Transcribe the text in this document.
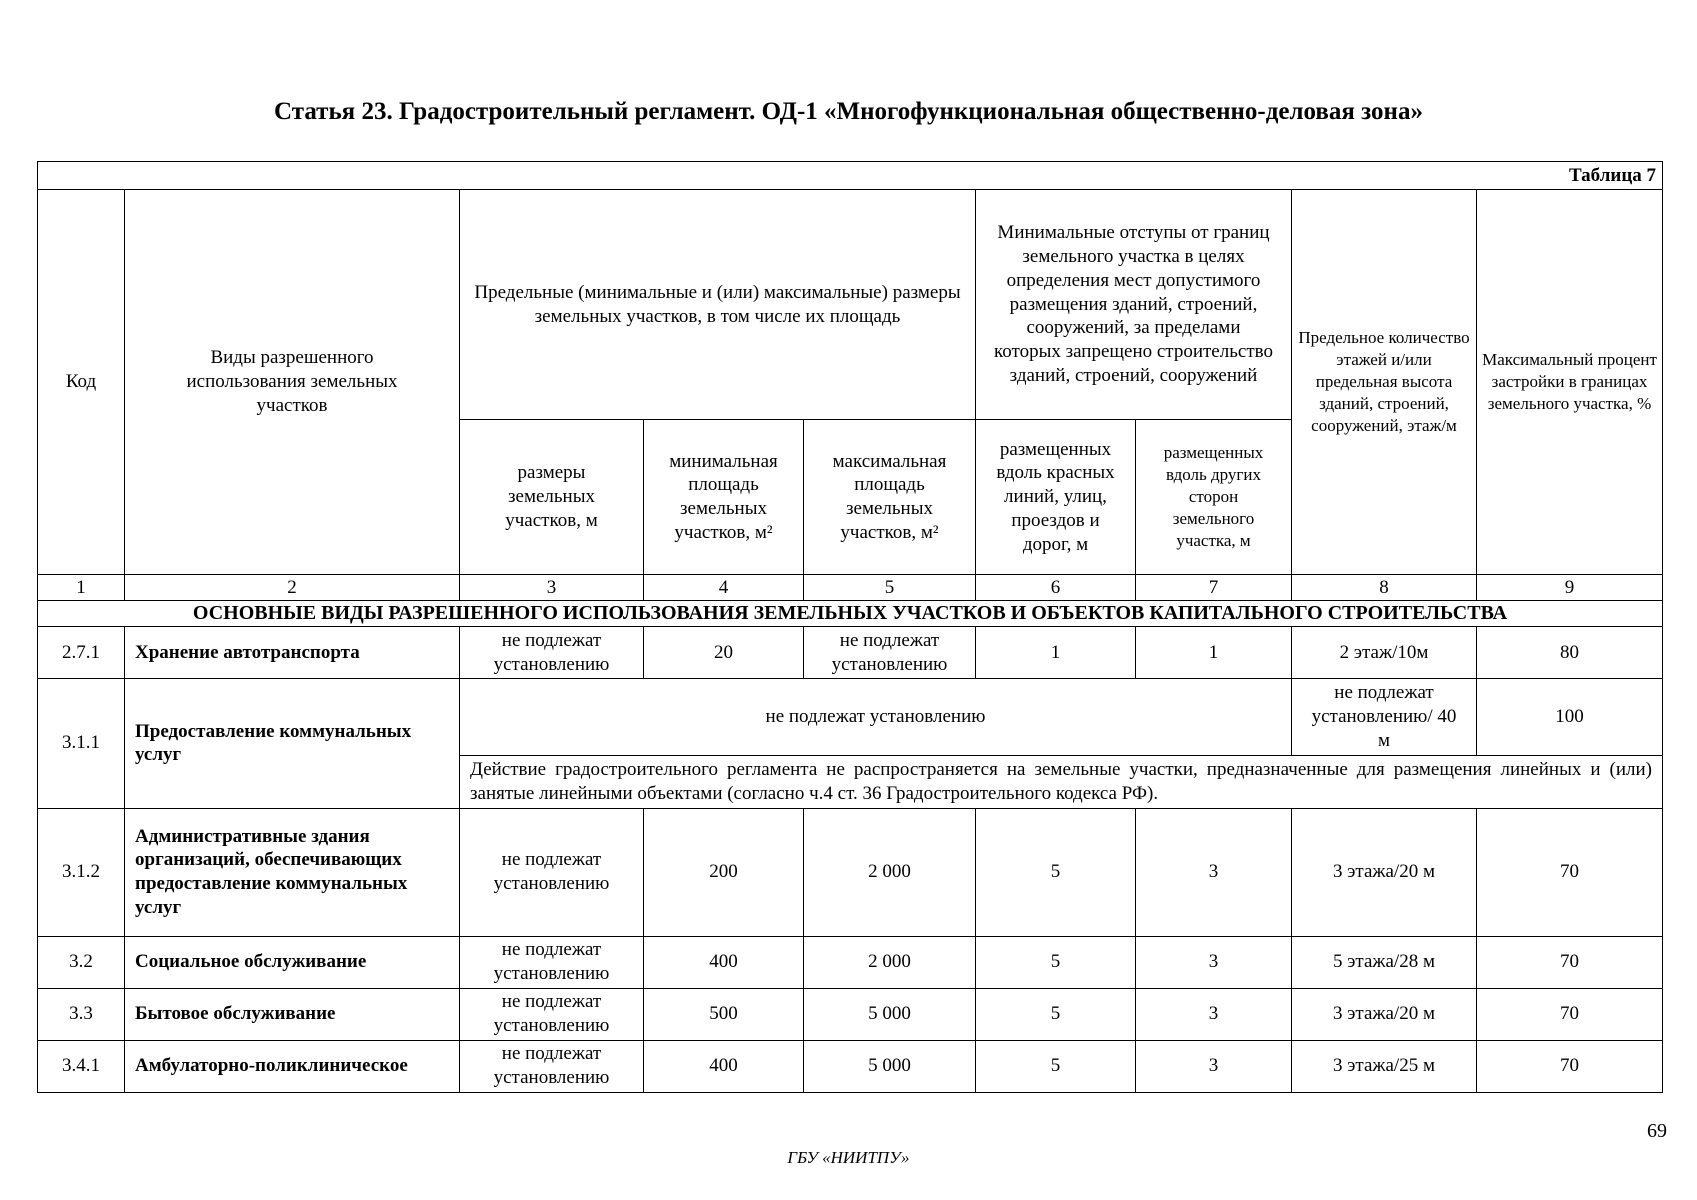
Статья 23. Градостроительный регламент. ОД-1 «Многофункциональная общественно-деловая зона»
Таблица 7								
Код	Виды разрешенного использования земельных участков	Предельные (минимальные и (или) максимальные) размеры земельных участков, в том числе их площадь			Минимальные отступы от границ земельного участка в целях определения мест допустимого размещения зданий, строений, сооружений, за пределами которых запрещено строительство зданий, строений, сооружений		Предельное количество этажей и/или предельная высота зданий, строений, сооружений, этаж/м	Максимальный процент застройки в границах земельного участка, %
		размеры земельных участков, м	минимальная площадь земельных участков, м²	максимальная площадь земельных участков, м²	размещенных вдоль красных линий, улиц, проездов и дорог, м	размещенных вдоль других сторон земельного участка, м		
1	2	3	4	5	6	7	8	9
ОСНОВНЫЕ ВИДЫ РАЗРЕШЕННОГО ИСПОЛЬЗОВАНИЯ ЗЕМЕЛЬНЫХ УЧАСТКОВ И ОБЪЕКТОВ КАПИТАЛЬНОГО СТРОИТЕЛЬСТВА								
2.7.1	Хранение автотранспорта	не подлежат установлению	20	не подлежат установлению	1	1	2 этаж/10м	80
3.1.1	Предоставление коммунальных услуг	не подлежат установлению					не подлежат установлению/ 40 м	100
		Действие градостроительного регламента не распространяется на земельные участки, предназначенные для размещения линейных и (или) занятые линейными объектами (согласно ч.4 ст. 36 Градостроительного кодекса РФ).						
3.1.2	Административные здания организаций, обеспечивающих предоставление коммунальных услуг	не подлежат установлению	200	2 000	5	3	3 этажа/20 м	70
3.2	Социальное обслуживание	не подлежат установлению	400	2 000	5	3	5 этажа/28 м	70
3.3	Бытовое обслуживание	не подлежат установлению	500	5 000	5	3	3 этажа/20 м	70
3.4.1	Амбулаторно-поликлиническое	не подлежат установлению	400	5 000	5	3	3 этажа/25 м	70
69
ГБУ «НИИТПУ»
